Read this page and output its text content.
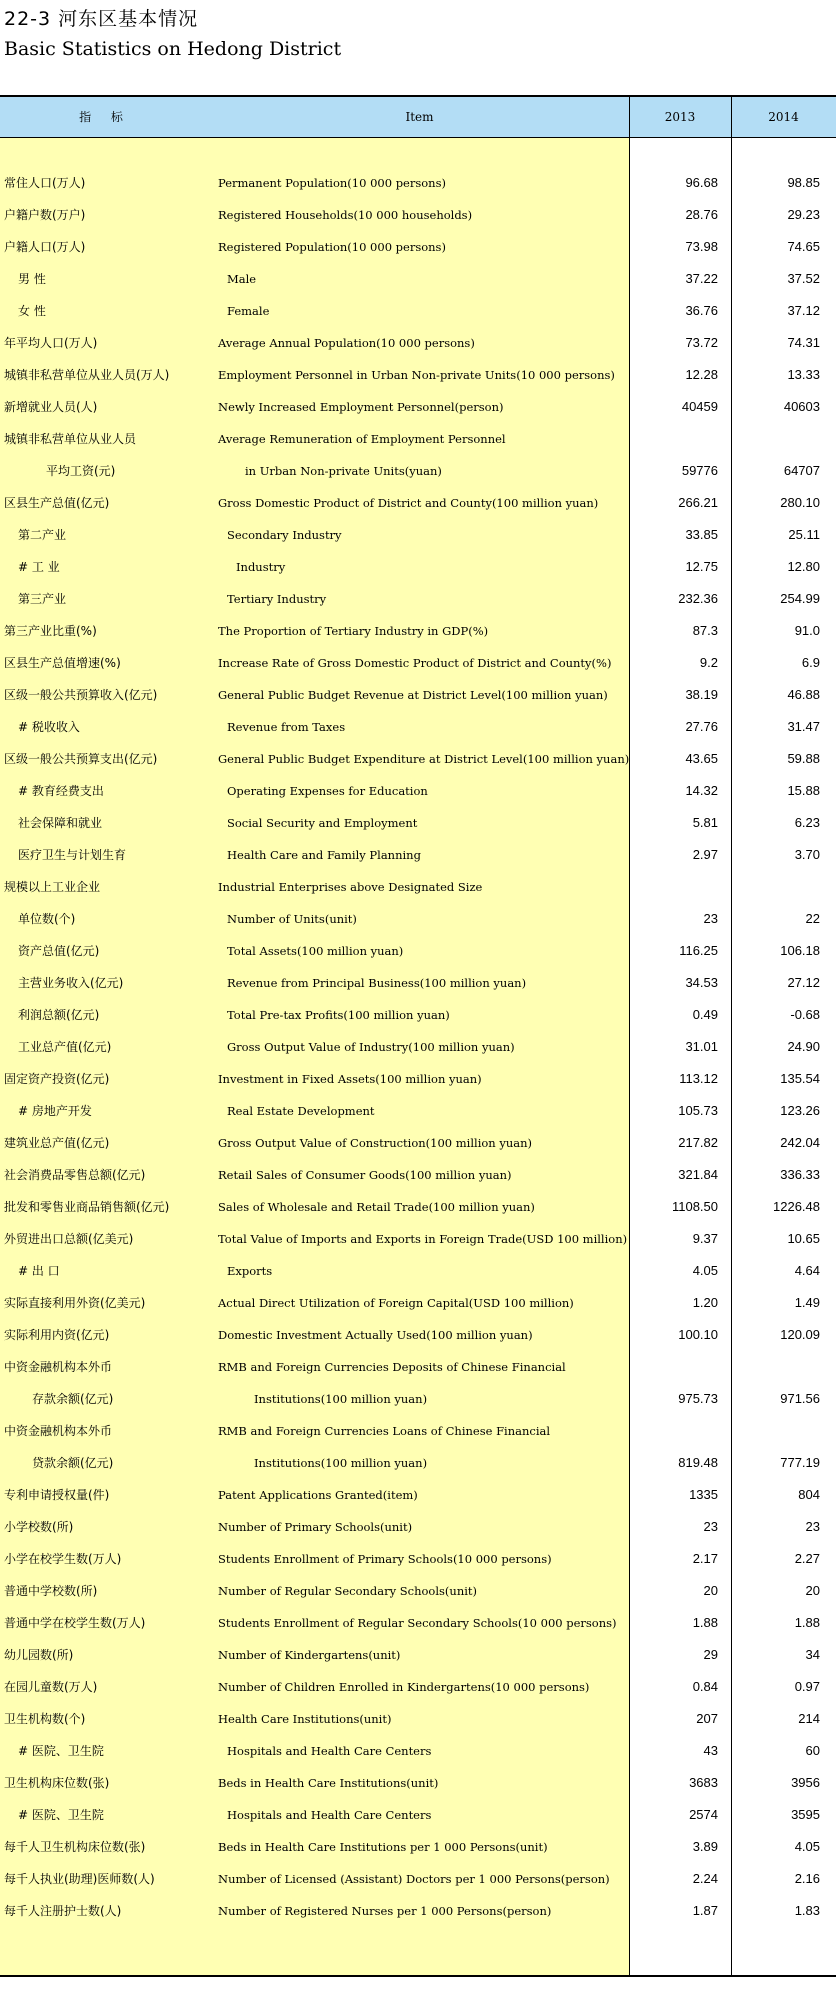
22-3 河东区基本情况
Basic Statistics on Hedong District
指 标	Item	2013	2014
常住人口(万人)	Permanent Population(10 000 persons)	96.68	98.85
户籍户数(万户)	Registered Households(10 000 households)	28.76	29.23
户籍人口(万人)	Registered Population(10 000 persons)	73.98	74.65
男 性	Male	37.22	37.52
女 性	Female	36.76	37.12
年平均人口(万人)	Average Annual Population(10 000 persons)	73.72	74.31
城镇非私营单位从业人员(万人)	Employment Personnel in Urban Non-private Units(10 000 persons)	12.28	13.33
新增就业人员(人)	Newly Increased Employment Personnel(person)	40459	40603
城镇非私营单位从业人员	Average Remuneration of Employment Personnel
平均工资(元)	in Urban Non-private Units(yuan)	59776	64707
区县生产总值(亿元)	Gross Domestic Product of District and County(100 million yuan)	266.21	280.10
第二产业	Secondary Industry	33.85	25.11
# 工 业	Industry	12.75	12.80
第三产业	Tertiary Industry	232.36	254.99
第三产业比重(%)	The Proportion of Tertiary Industry in GDP(%)	87.3	91.0
区县生产总值增速(%)	Increase Rate of Gross Domestic Product of District and County(%)	9.2	6.9
区级一般公共预算收入(亿元)	General Public Budget Revenue at District Level(100 million yuan)	38.19	46.88
# 税收收入	Revenue from Taxes	27.76	31.47
区级一般公共预算支出(亿元)	General Public Budget Expenditure at District Level(100 million yuan)	43.65	59.88
# 教育经费支出	Operating Expenses for Education	14.32	15.88
社会保障和就业	Social Security and Employment	5.81	6.23
医疗卫生与计划生育	Health Care and Family Planning	2.97	3.70
规模以上工业企业	Industrial Enterprises above Designated Size
单位数(个)	Number of Units(unit)	23	22
资产总值(亿元)	Total Assets(100 million yuan)	116.25	106.18
主营业务收入(亿元)	Revenue from Principal Business(100 million yuan)	34.53	27.12
利润总额(亿元)	Total Pre-tax Profits(100 million yuan)	0.49	-0.68
工业总产值(亿元)	Gross Output Value of Industry(100 million yuan)	31.01	24.90
固定资产投资(亿元)	Investment in Fixed Assets(100 million yuan)	113.12	135.54
# 房地产开发	Real Estate Development	105.73	123.26
建筑业总产值(亿元)	Gross Output Value of Construction(100 million yuan)	217.82	242.04
社会消费品零售总额(亿元)	Retail Sales of Consumer Goods(100 million yuan)	321.84	336.33
批发和零售业商品销售额(亿元)	Sales of Wholesale and Retail Trade(100 million yuan)	1108.50	1226.48
外贸进出口总额(亿美元)	Total Value of Imports and Exports in Foreign Trade(USD 100 million)	9.37	10.65
# 出 口	Exports	4.05	4.64
实际直接利用外资(亿美元)	Actual Direct Utilization of Foreign Capital(USD 100 million)	1.20	1.49
实际利用内资(亿元)	Domestic Investment Actually Used(100 million yuan)	100.10	120.09
中资金融机构本外币	RMB and Foreign Currencies Deposits of Chinese Financial
存款余额(亿元)	Institutions(100 million yuan)	975.73	971.56
中资金融机构本外币	RMB and Foreign Currencies Loans of Chinese Financial
贷款余额(亿元)	Institutions(100 million yuan)	819.48	777.19
专利申请授权量(件)	Patent Applications Granted(item)	1335	804
小学校数(所)	Number of Primary Schools(unit)	23	23
小学在校学生数(万人)	Students Enrollment of Primary Schools(10 000 persons)	2.17	2.27
普通中学校数(所)	Number of Regular Secondary Schools(unit)	20	20
普通中学在校学生数(万人)	Students Enrollment of Regular Secondary Schools(10 000 persons)	1.88	1.88
幼儿园数(所)	Number of Kindergartens(unit)	29	34
在园儿童数(万人)	Number of Children Enrolled in Kindergartens(10 000 persons)	0.84	0.97
卫生机构数(个)	Health Care Institutions(unit)	207	214
# 医院、卫生院	Hospitals and Health Care Centers	43	60
卫生机构床位数(张)	Beds in Health Care Institutions(unit)	3683	3956
# 医院、卫生院	Hospitals and Health Care Centers	2574	3595
每千人卫生机构床位数(张)	Beds in Health Care Institutions per 1 000 Persons(unit)	3.89	4.05
每千人执业(助理)医师数(人)	Number of Licensed (Assistant) Doctors per 1 000 Persons(person)	2.24	2.16
每千人注册护士数(人)	Number of Registered Nurses per 1 000 Persons(person)	1.87	1.83
